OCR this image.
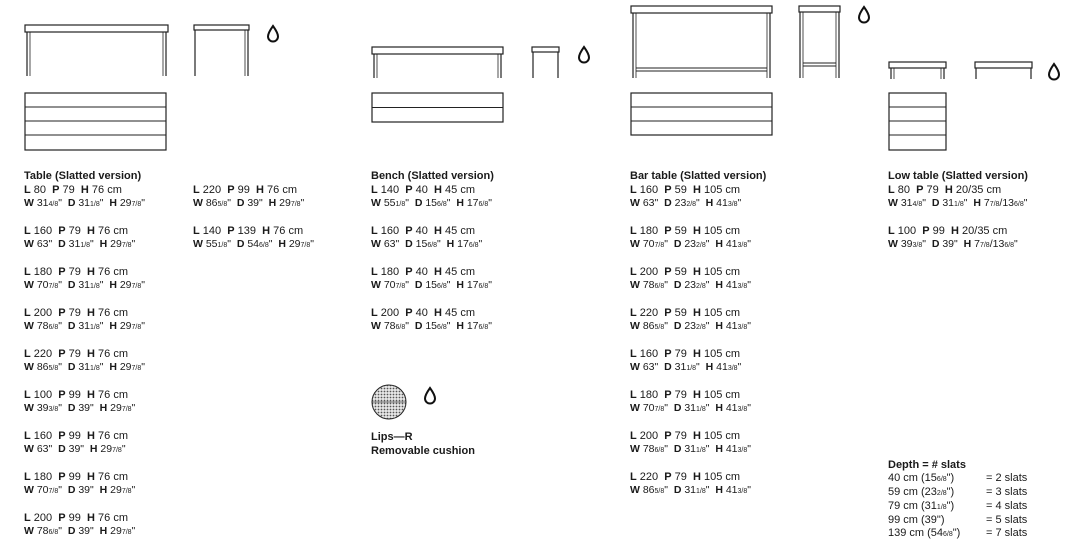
Lips—R
Removable cushion
Table (Slatted version)
L 80  P 79  H 76 cm
W 314/8"  D 311/8"  H 297/8"
L 160  P 79  H 76 cm
W 63" D 311/8"  H 297/8"
L 180  P 79  H 76 cm
W 707/8"  D 311/8"  H 297/8"
L 200  P 79  H 76 cm
W 786/8"  D 311/8"  H 297/8"
L 220  P 79  H 76 cm
W 865/8"  D 311/8"  H 297/8"
L 100  P 99  H 76 cm
W 393/8"  D 39" H 297/8"
L 160  P 99  H 76 cm
W 63" D 39" H 297/8"
L 180  P 99  H 76 cm
W 707/8"  D 39" H 297/8"
L 200  P 99  H 76 cm
W 786/8"  D 39" H 297/8"
L 220  P 99  H 76 cm
W 865/8"  D 39" H 297/8"
L 140  P 139  H 76 cm
W 551/8"  D 546/8"  H 297/8"
Bench (Slatted version)
L 140  P 40  H 45 cm
W 551/8"  D 156/8"  H 176/8"
L 160  P 40  H 45 cm
W 63" D 156/8"  H 176/8"
L 180  P 40  H 45 cm
W 707/8"  D 156/8"  H 176/8"
L 200  P 40  H 45 cm
W 786/8"  D 156/8"  H 176/8"
Bar table (Slatted version)
L 160  P 59  H 105 cm
W 63" D 232/8"  H 413/8"
L 180  P 59  H 105 cm
W 707/8"  D 232/8"  H 413/8"
L 200  P 59  H 105 cm
W 786/8"  D 232/8"  H 413/8"
L 220  P 59  H 105 cm
W 865/8"  D 232/8"  H 413/8"
L 160  P 79  H 105 cm
W 63" D 311/8"  H 413/8"
L 180  P 79  H 105 cm
W 707/8"  D 311/8"  H 413/8"
L 200  P 79  H 105 cm
W 786/8"  D 311/8"  H 413/8"
L 220  P 79  H 105 cm
W 865/8"  D 311/8"  H 413/8"
Low table (Slatted version)
L 80  P 79  H 20/35 cm
W 314/8"  D 311/8"  H 77/8/136/8"
L 100  P 99  H 20/35 cm
W 393/8"  D 39" H 77/8/136/8"
Depth = # slats
40 cm (156/8")	= 2 slats
59 cm (232/8")	= 3 slats
79 cm (311/8")	= 4 slats
99 cm (39")	= 5 slats
139 cm (546/8") = 7 slats
